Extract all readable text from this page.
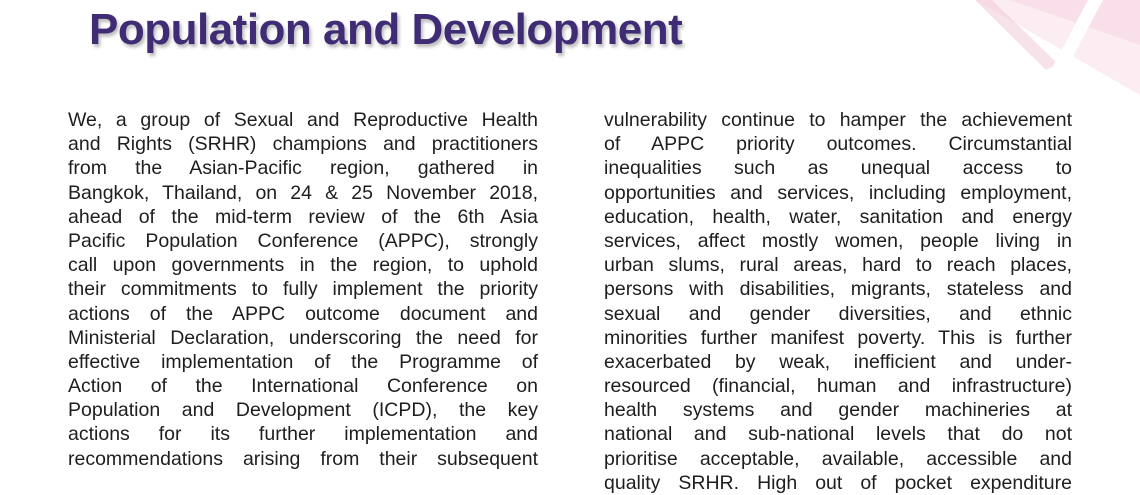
Population and Development
We, a group of Sexual and Reproductive Health
and Rights (SRHR) champions and practitioners
from the Asian-Pacific region, gathered in
Bangkok, Thailand, on 24 & 25 November 2018,
ahead of the mid-term review of the 6th Asia
Pacific Population Conference (APPC), strongly
call upon governments in the region, to uphold
their commitments to fully implement the priority
actions of the APPC outcome document and
Ministerial Declaration, underscoring the need for
effective implementation of the Programme of
Action of the International Conference on
Population and Development (ICPD), the key
actions for its further implementation and
recommendations arising from their subsequent
vulnerability continue to hamper the achievement
of APPC priority outcomes. Circumstantial
inequalities such as unequal access to
opportunities and services, including employment,
education, health, water, sanitation and energy
services, affect mostly women, people living in
urban slums, rural areas, hard to reach places,
persons with disabilities, migrants, stateless and
sexual and gender diversities, and ethnic
minorities further manifest poverty. This is further
exacerbated by weak, inefficient and under-
resourced (financial, human and infrastructure)
health systems and gender machineries at
national and sub-national levels that do not
prioritise acceptable, available, accessible and
quality SRHR. High out of pocket expenditure
